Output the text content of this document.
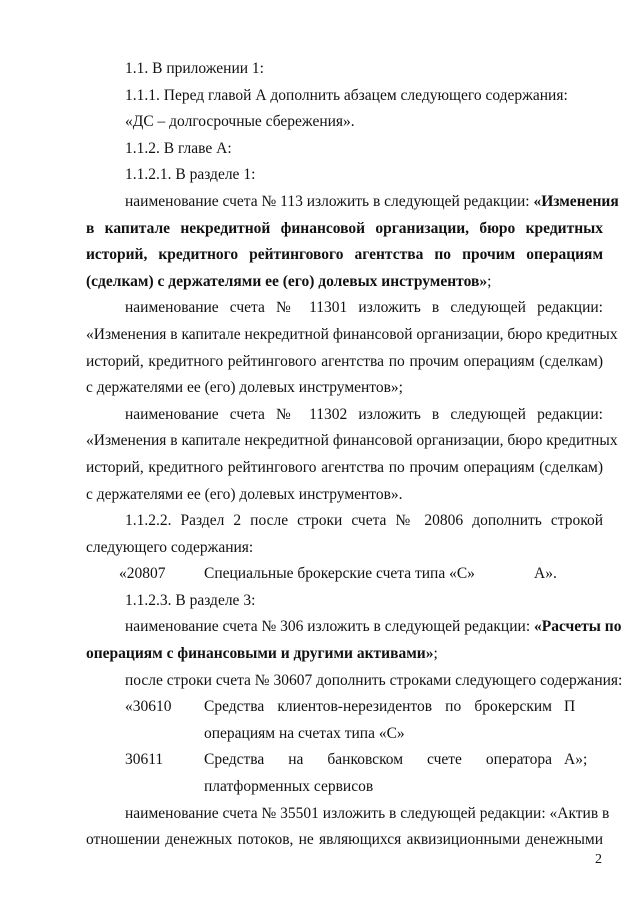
1.1. В приложении 1:
1.1.1. Перед главой А дополнить абзацем следующего содержания:
«ДС – долгосрочные сбережения».
1.1.2. В главе А:
1.1.2.1. В разделе 1:
наименование счета № 113 изложить в следующей редакции: «Изменения
в капитале некредитной финансовой организации, бюро кредитных
историй, кредитного рейтингового агентства по прочим операциям
(сделкам) с держателями ее (его) долевых инструментов»;
наименование счета № 11301 изложить в следующей редакции:
«Изменения в капитале некредитной финансовой организации, бюро кредитных
историй, кредитного рейтингового агентства по прочим операциям (сделкам)
с держателями ее (его) долевых инструментов»;
наименование счета № 11302 изложить в следующей редакции:
«Изменения в капитале некредитной финансовой организации, бюро кредитных
историй, кредитного рейтингового агентства по прочим операциям (сделкам)
с держателями ее (его) долевых инструментов».
1.1.2.2. Раздел 2 после строки счета № 20806 дополнить строкой
следующего содержания:
«20807	Специальные брокерские счета типа «С»	А».
1.1.2.3. В разделе 3:
наименование счета № 306 изложить в следующей редакции: «Расчеты по
операциям с финансовыми и другими активами»;
после строки счета № 30607 дополнить строками следующего содержания:
«30610	Средства клиентов-нерезидентов по брокерским П
операциям на счетах типа «С»
30611	Средства на банковском счете оператора А»;
платформенных сервисов
наименование счета № 35501 изложить в следующей редакции: «Актив в
отношении денежных потоков, не являющихся аквизиционными денежными
2
